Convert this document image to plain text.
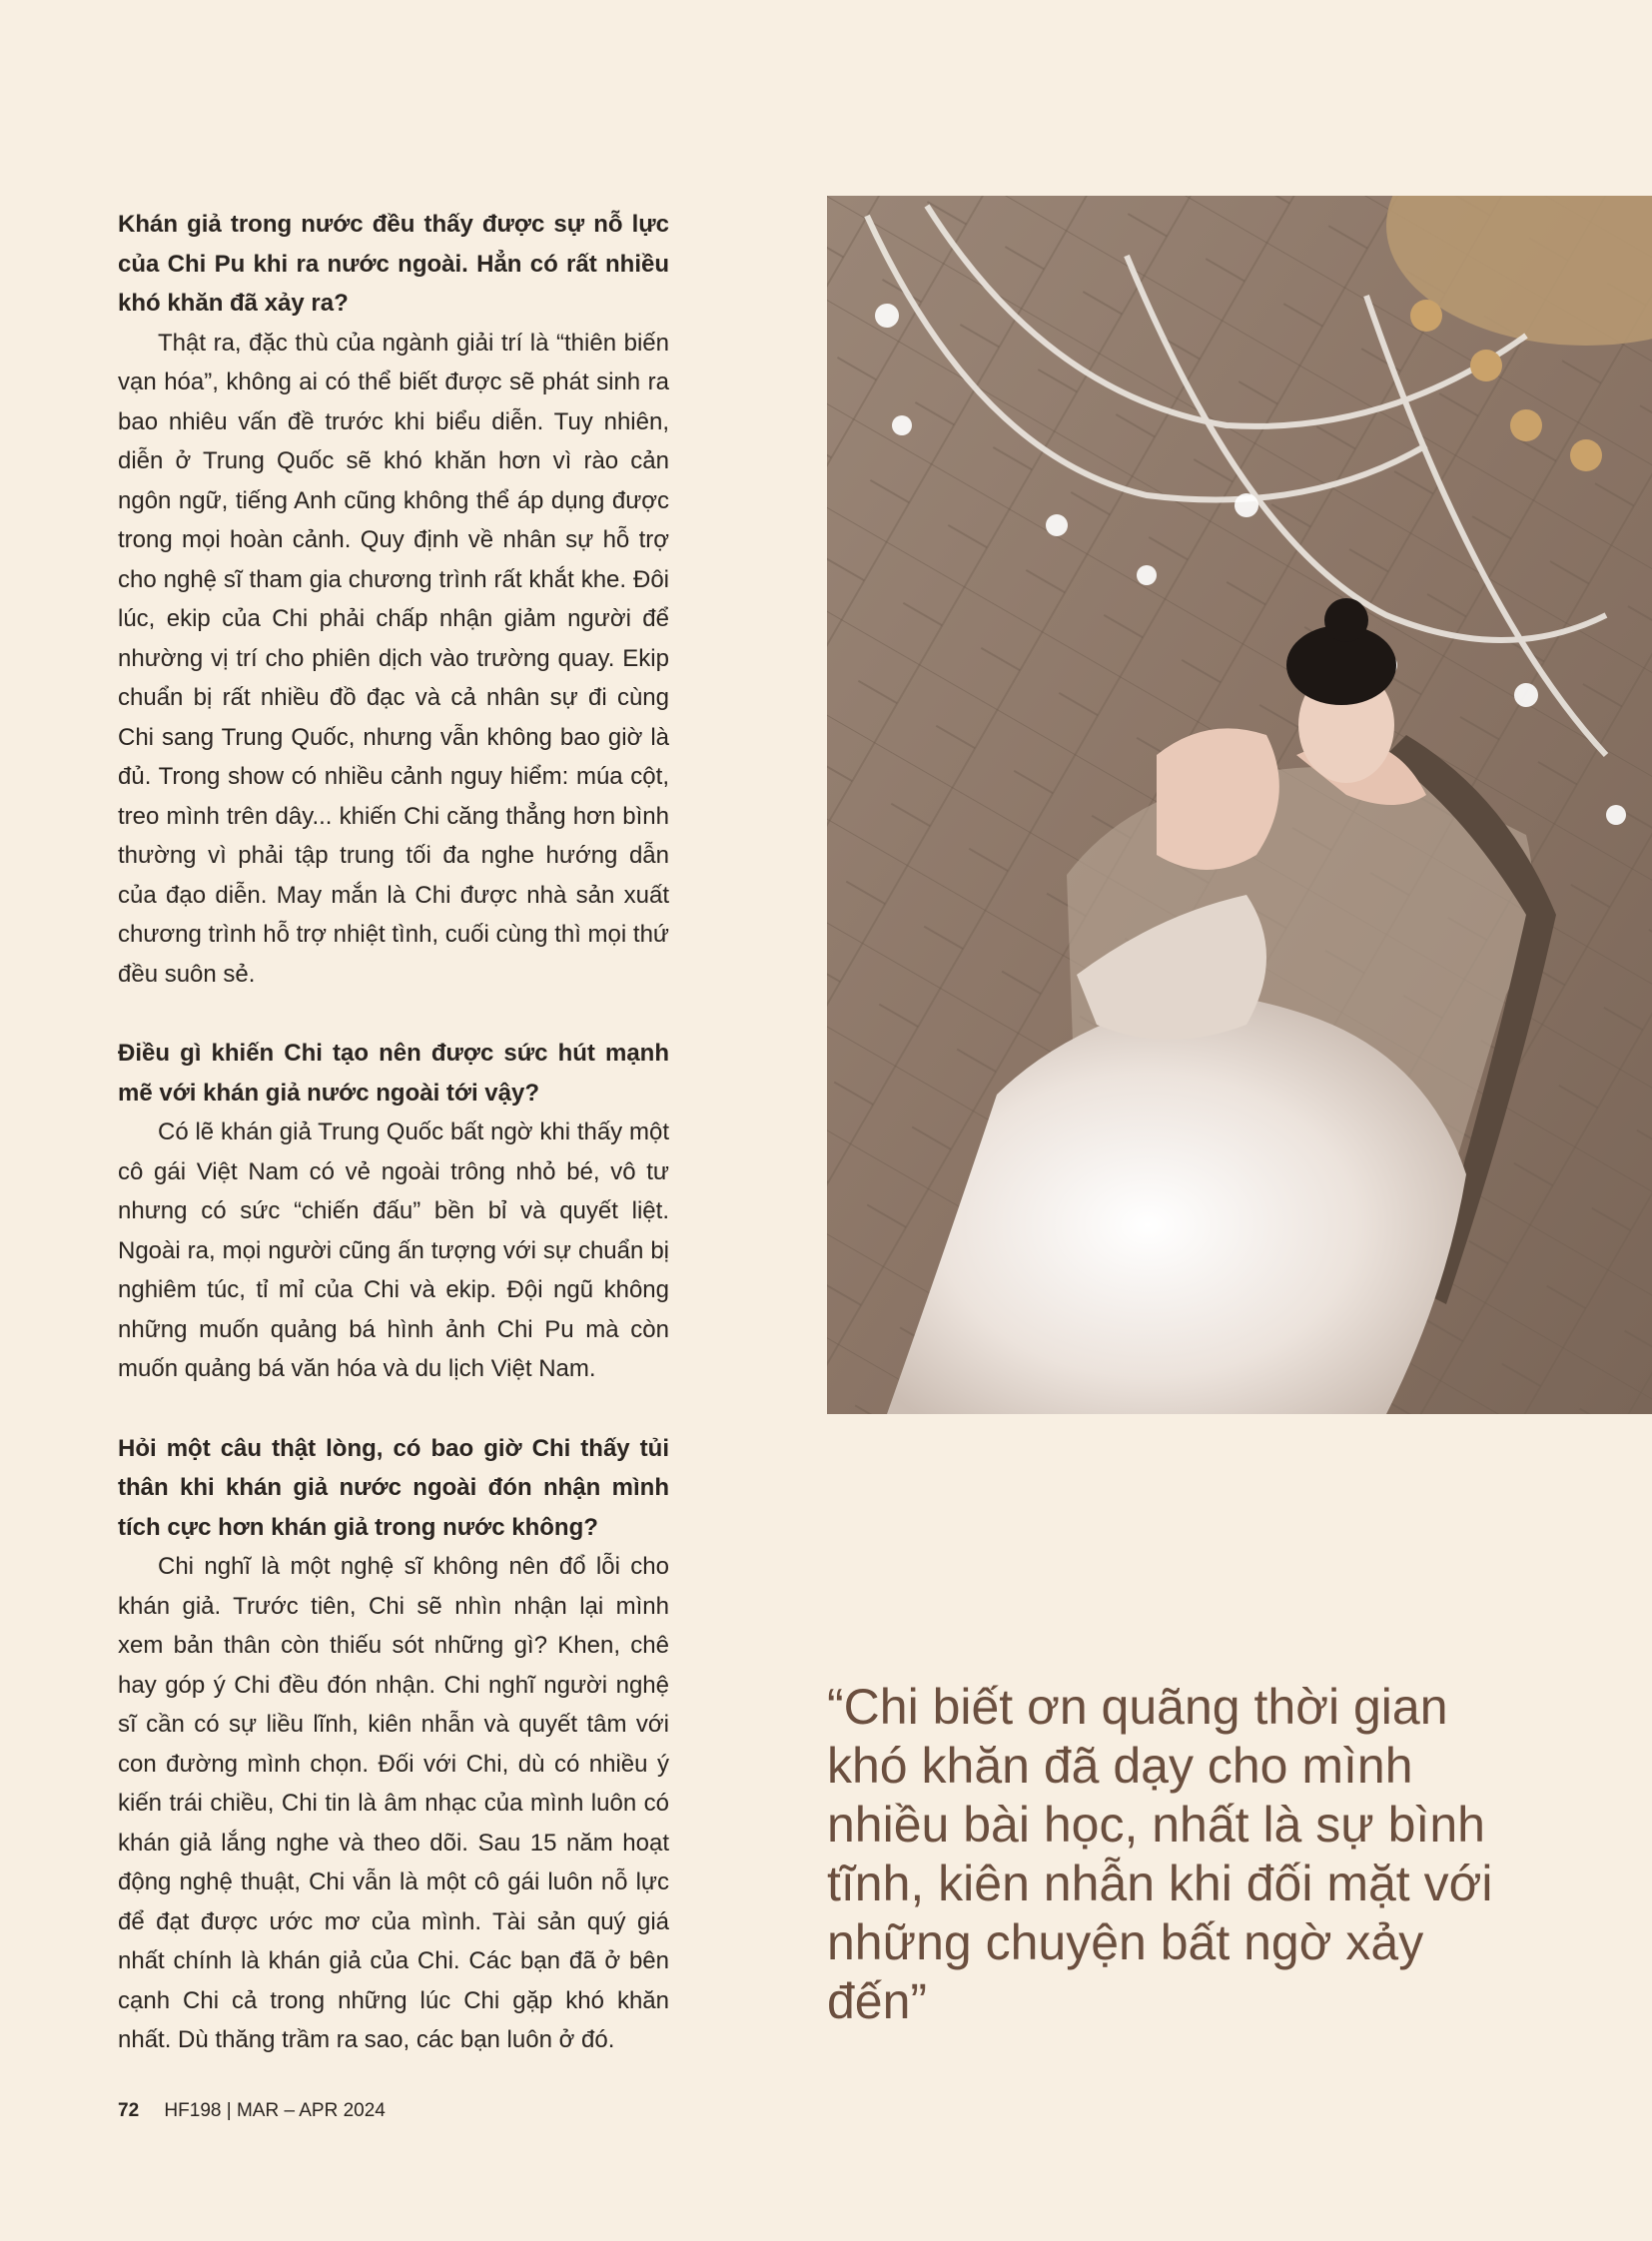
Khán giả trong nước đều thấy được sự nỗ lực của Chi Pu khi ra nước ngoài. Hẳn có rất nhiều khó khăn đã xảy ra?

Thật ra, đặc thù của ngành giải trí là “thiên biến vạn hóa”, không ai có thể biết được sẽ phát sinh ra bao nhiêu vấn đề trước khi biểu diễn. Tuy nhiên, diễn ở Trung Quốc sẽ khó khăn hơn vì rào cản ngôn ngữ, tiếng Anh cũng không thể áp dụng được trong mọi hoàn cảnh. Quy định về nhân sự hỗ trợ cho nghệ sĩ tham gia chương trình rất khắt khe. Đôi lúc, ekip của Chi phải chấp nhận giảm người để nhường vị trí cho phiên dịch vào trường quay. Ekip chuẩn bị rất nhiều đồ đạc và cả nhân sự đi cùng Chi sang Trung Quốc, nhưng vẫn không bao giờ là đủ. Trong show có nhiều cảnh nguy hiểm: múa cột, treo mình trên dây... khiến Chi căng thẳng hơn bình thường vì phải tập trung tối đa nghe hướng dẫn của đạo diễn. May mắn là Chi được nhà sản xuất chương trình hỗ trợ nhiệt tình, cuối cùng thì mọi thứ đều suôn sẻ.

Điều gì khiến Chi tạo nên được sức hút mạnh mẽ với khán giả nước ngoài tới vậy?

Có lẽ khán giả Trung Quốc bất ngờ khi thấy một cô gái Việt Nam có vẻ ngoài trông nhỏ bé, vô tư nhưng có sức “chiến đấu” bền bỉ và quyết liệt. Ngoài ra, mọi người cũng ấn tượng với sự chuẩn bị nghiêm túc, tỉ mỉ của Chi và ekip. Đội ngũ không những muốn quảng bá hình ảnh Chi Pu mà còn muốn quảng bá văn hóa và du lịch Việt Nam.

Hỏi một câu thật lòng, có bao giờ Chi thấy tủi thân khi khán giả nước ngoài đón nhận mình tích cực hơn khán giả trong nước không?

Chi nghĩ là một nghệ sĩ không nên đổ lỗi cho khán giả. Trước tiên, Chi sẽ nhìn nhận lại mình xem bản thân còn thiếu sót những gì? Khen, chê hay góp ý Chi đều đón nhận. Chi nghĩ người nghệ sĩ cần có sự liều lĩnh, kiên nhẫn và quyết tâm với con đường mình chọn. Đối với Chi, dù có nhiều ý kiến trái chiều, Chi tin là âm nhạc của mình luôn có khán giả lắng nghe và theo dõi. Sau 15 năm hoạt động nghệ thuật, Chi vẫn là một cô gái luôn nỗ lực để đạt được ước mơ của mình. Tài sản quý giá nhất chính là khán giả của Chi. Các bạn đã ở bên cạnh Chi cả trong những lúc Chi gặp khó khăn nhất. Dù thăng trầm ra sao, các bạn luôn ở đó.

“Chi biết ơn quãng thời gian khó khăn đã dạy cho mình nhiều bài học, nhất là sự bình tĩnh, kiên nhẫn khi đối mặt với những chuyện bất ngờ xảy đến”
72 HF198 | MAR – APR 2024
